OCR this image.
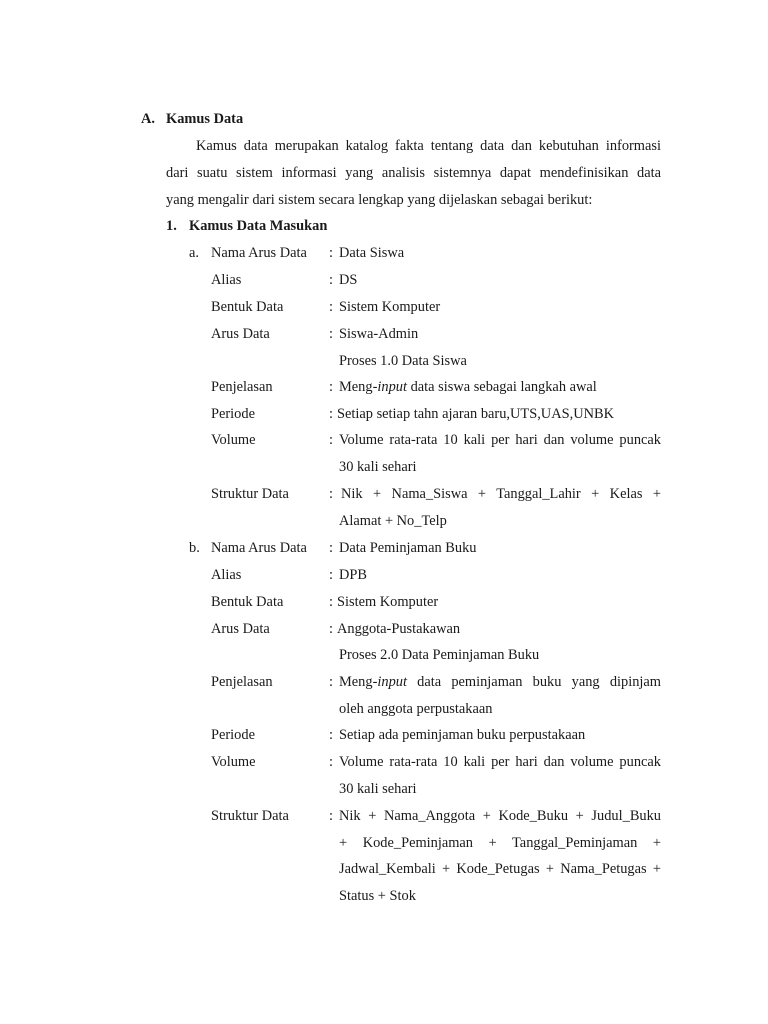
A. Kamus Data
Kamus data merupakan katalog fakta tentang data dan kebutuhan informasi
dari suatu sistem informasi yang analisis sistemnya dapat mendefinisikan data
yang mengalir dari sistem secara lengkap yang dijelaskan sebagai berikut:
1. Kamus Data Masukan
a. Nama Arus Data : Data Siswa
Alias	: DS
Bentuk Data	: Sistem Komputer
Arus Data	: Siswa-Admin
Proses 1.0 Data Siswa
Penjelasan	: Meng-input data siswa sebagai langkah awal
Periode	: Setiap setiap tahn ajaran baru,UTS,UAS,UNBK
Volume	: Volume rata-rata 10 kali per hari dan volume puncak
30 kali sehari
Struktur Data	: Nik + Nama_Siswa + Tanggal_Lahir + Kelas +
Alamat + No_Telp
b. Nama Arus Data : Data Peminjaman Buku
Alias	: DPB
Bentuk Data	: Sistem Komputer
Arus Data	: Anggota-Pustakawan
Proses 2.0 Data Peminjaman Buku
Penjelasan	: Meng-input data peminjaman buku yang dipinjam
oleh anggota perpustakaan
Periode	: Setiap ada peminjaman buku perpustakaan
Volume	: Volume rata-rata 10 kali per hari dan volume puncak
30 kali sehari
Struktur Data	: Nik + Nama_Anggota + Kode_Buku + Judul_Buku
+ Kode_Peminjaman + Tanggal_Peminjaman +
Jadwal_Kembali + Kode_Petugas + Nama_Petugas +
Status + Stok
